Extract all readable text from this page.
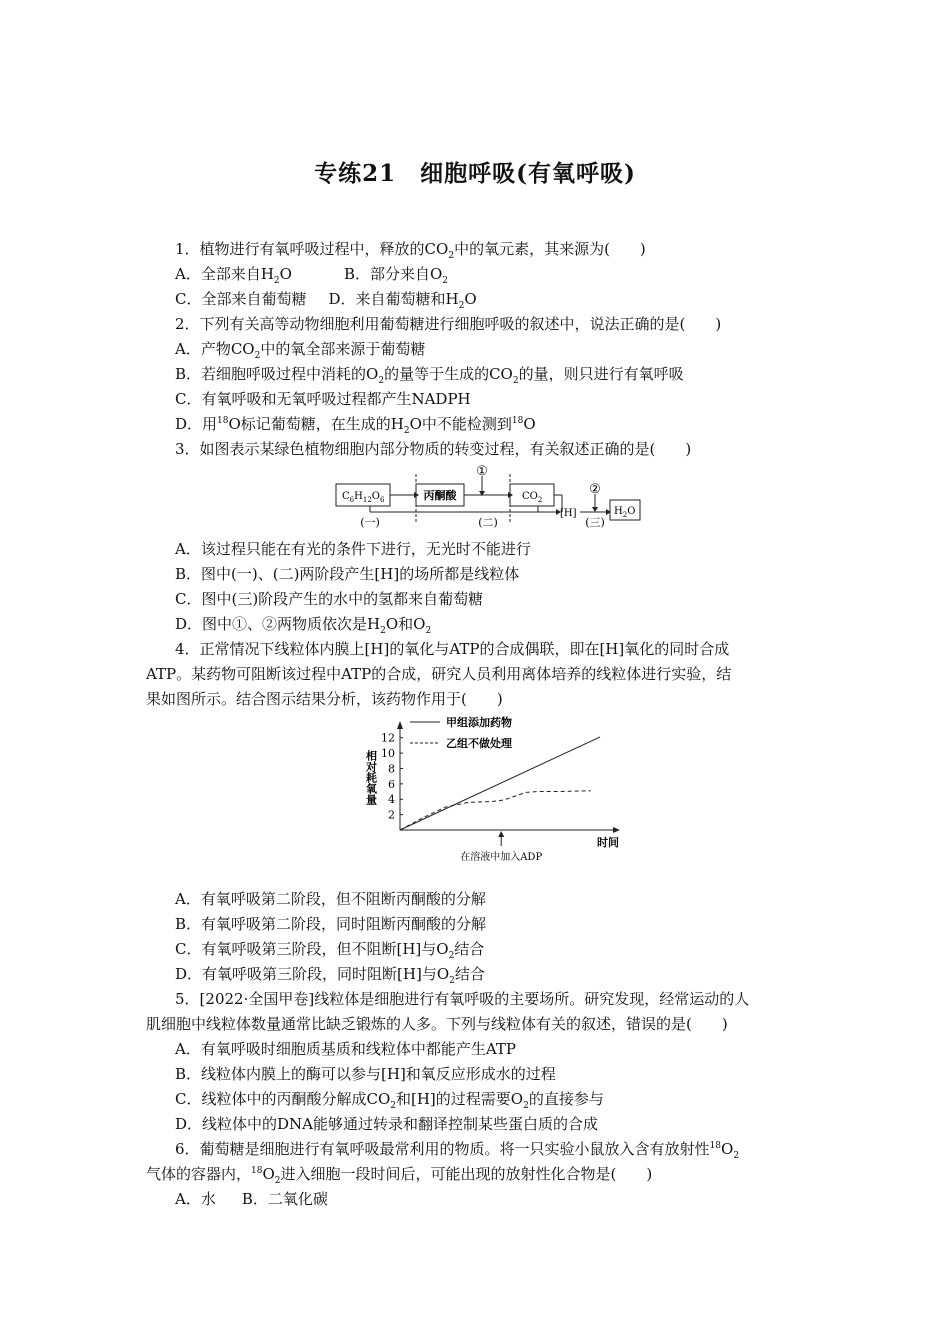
专练21　细胞呼吸(有氧呼吸)
1．植物进行有氧呼吸过程中，释放的$CO_2$中的氧元素，其来源为(　　)
A．全部来自$H_2O$	B．部分来自$O_2$
C．全部来自葡萄糖 D．来自葡萄糖和$H_2O$
2．下列有关高等动物细胞利用葡萄糖进行细胞呼吸的叙述中，说法正确的是(　　)
A．产物$CO_2$中的氧全部来源于葡萄糖
B．若细胞呼吸过程中消耗的$O_2$的量等于生成的$CO_2$的量，则只进行有氧呼吸
C．有氧呼吸和无氧呼吸过程都产生NADPH
D．用$^{18}$O标记葡萄糖，在生成的$H_2O$中不能检测到$^{18}$O
3．如图表示某绿色植物细胞内部分物质的转变过程，有关叙述正确的是(　　)
$C_6H_{12}O_6$	丙酮酸	$CO_2$
[H]	$H_2O$
①
②
(一)	(二)	(三)
A．该过程只能在有光的条件下进行，无光时不能进行
B．图中(一)、(二)两阶段产生[H]的场所都是线粒体
C．图中(三)阶段产生的水中的氢都来自葡萄糖
D．图中①、②两物质依次是$H_2O$和$O_2$
4．正常情况下线粒体内膜上[H]的氧化与ATP的合成偶联，即在[H]氧化的同时合成
ATP。某药物可阻断该过程中ATP的合成，研究人员利用离体培养的线粒体进行实验，结
果如图所示。结合图示结果分析，该药物作用于(　　)
2
4
6
8
10
12
相对耗氧量
时间
甲组添加药物
乙组不做处理
在溶液中加入ADP
A．有氧呼吸第二阶段，但不阻断丙酮酸的分解
B．有氧呼吸第二阶段，同时阻断丙酮酸的分解
C．有氧呼吸第三阶段，但不阻断[H]与$O_2$结合
D．有氧呼吸第三阶段，同时阻断[H]与$O_2$结合
5．[2022·全国甲卷]线粒体是细胞进行有氧呼吸的主要场所。研究发现，经常运动的人
肌细胞中线粒体数量通常比缺乏锻炼的人多。下列与线粒体有关的叙述，错误的是(　　)
A．有氧呼吸时细胞质基质和线粒体中都能产生ATP
B．线粒体内膜上的酶可以参与[H]和氧反应形成水的过程
C．线粒体中的丙酮酸分解成$CO_2$和[H]的过程需要$O_2$的直接参与
D．线粒体中的DNA能够通过转录和翻译控制某些蛋白质的合成
6．葡萄糖是细胞进行有氧呼吸最常利用的物质。将一只实验小鼠放入含有放射性$^{18}O_2$
气体的容器内，$^{18}O_2$进入细胞一段时间后，可能出现的放射性化合物是(　　)
A．水 B．二氧化碳
